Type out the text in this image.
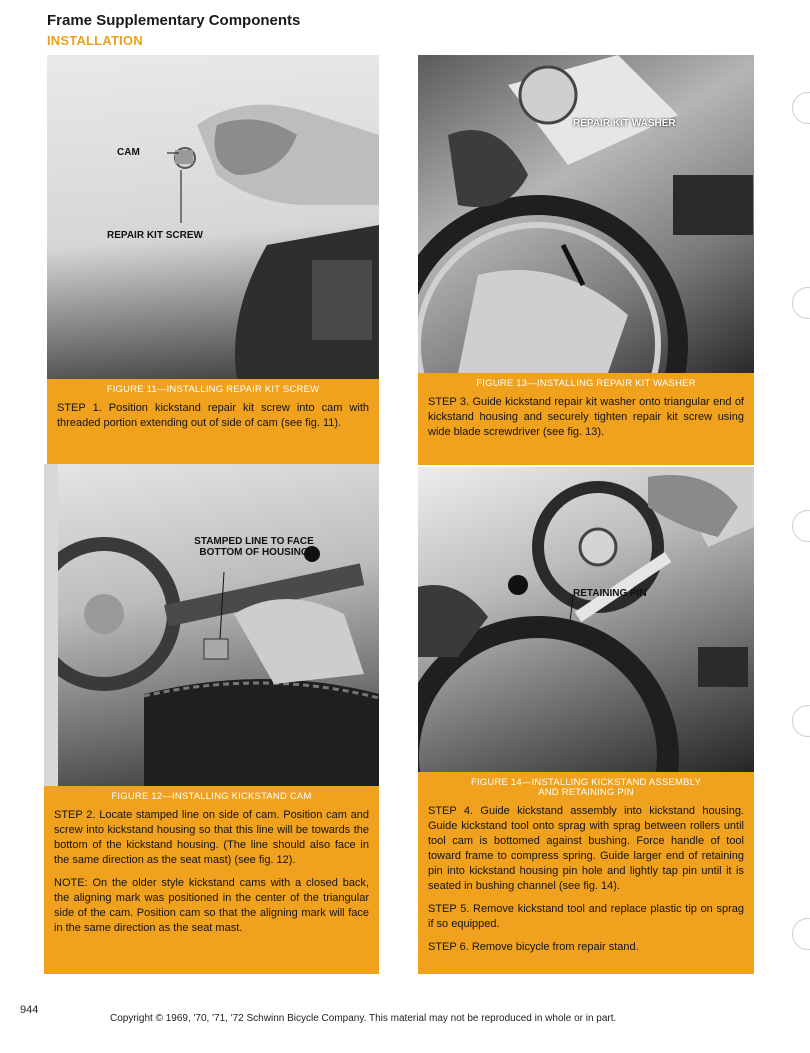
Frame Supplementary Components
INSTALLATION
CAM
REPAIR KIT SCREW
FIGURE 11—INSTALLING REPAIR KIT SCREW

STEP 1. Position kickstand repair kit screw into cam with threaded portion extending out of side of cam (see fig. 11).

REPAIR KIT WASHER
FIGURE 13—INSTALLING REPAIR KIT WASHER

STEP 3. Guide kickstand repair kit washer onto triangular end of kickstand housing and securely tighten repair kit screw using wide blade screwdriver (see fig. 13).

STAMPED LINE TO FACE BOTTOM OF HOUSING
FIGURE 12—INSTALLING KICKSTAND CAM

STEP 2. Locate stamped line on side of cam. Position cam and screw into kickstand housing so that this line will be towards the bottom of the kickstand housing. (The line should also face in the same direction as the seat mast) (see fig. 12).

NOTE: On the older style kickstand cams with a closed back, the aligning mark was positioned in the center of the triangular side of the cam. Position cam so that the aligning mark will face in the same direction as the seat mast.

RETAINING PIN
FIGURE 14—INSTALLING KICKSTAND ASSEMBLY AND RETAINING PIN

STEP 4. Guide kickstand assembly into kickstand housing. Guide kickstand tool onto sprag with sprag between rollers until tool cam is bottomed against bushing. Force handle of tool toward frame to compress spring. Guide larger end of retaining pin into kickstand housing pin hole and lightly tap pin until it is seated in bushing channel (see fig. 14).

STEP 5. Remove kickstand tool and replace plastic tip on sprag if so equipped.

STEP 6. Remove bicycle from repair stand.

944
Copyright © 1969, '70, '71, '72 Schwinn Bicycle Company. This material may not be reproduced in whole or in part.
